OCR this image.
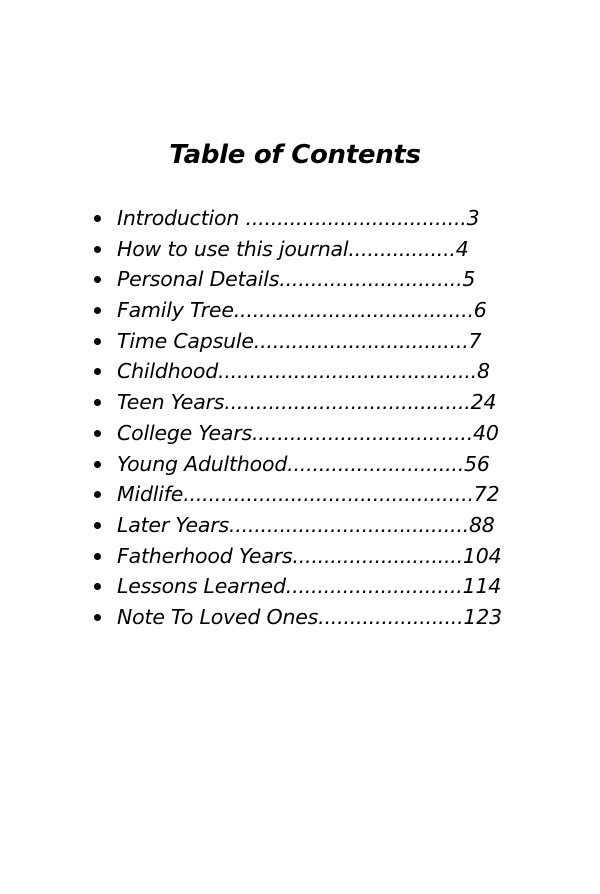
Table of Contents
Introduction ...................................3
How to use this journal.................4
Personal Details.............................5
Family Tree......................................6
Time Capsule..................................7
Childhood.........................................8
Teen Years.......................................24
College Years...................................40
Young Adulthood............................56
Midlife..............................................72
Later Years......................................88
Fatherhood Years...........................104
Lessons Learned............................114
Note To Loved Ones.......................123
